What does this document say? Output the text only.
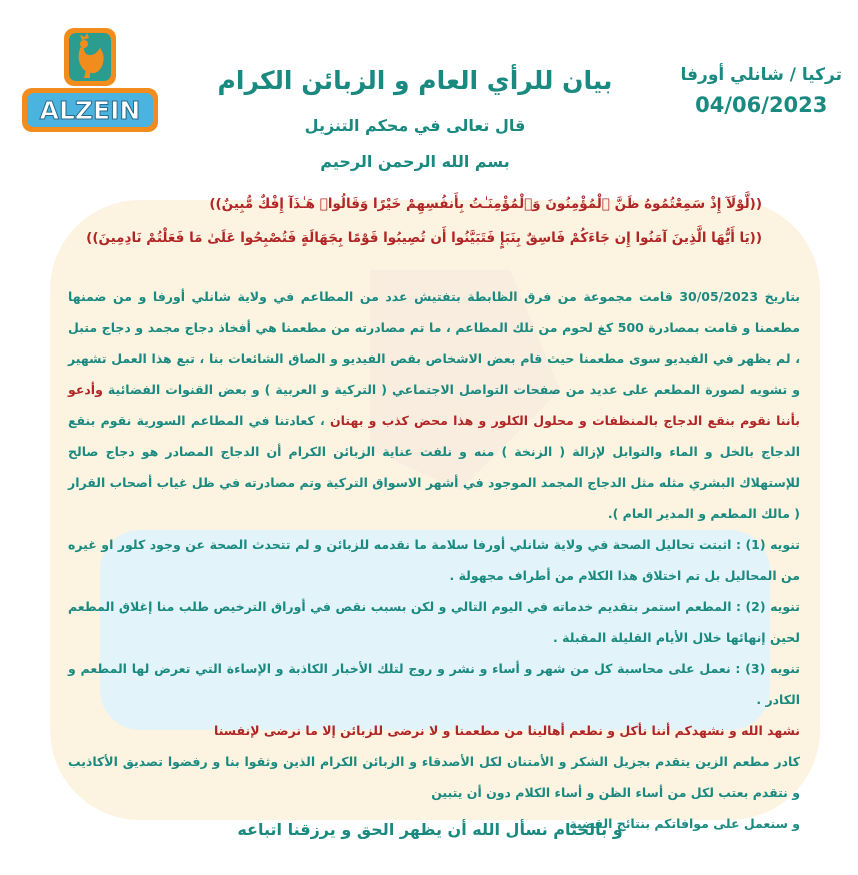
ALZEIN
تركيا / شانلي أورفا
04/06/2023
بيان للرأي العام و الزبائن الكرام
قال تعالى في محكم التنزيل
بسم الله الرحمن الرحيم
((لَّوْلَآ إِذْ سَمِعْتُمُوهُ ظَنَّ ٱلْمُؤْمِنُونَ وَٱلْمُؤْمِنَـٰتُ بِأَنفُسِهِمْ خَيْرًا وَقَالُوا۟ هَـٰذَآ إِفْكٌ مُّبِينٌ))
((يَا أَيُّهَا الَّذِينَ آمَنُوا إِن جَاءَكُمْ فَاسِقٌ بِنَبَإٍ فَتَبَيَّنُوا أَن تُصِيبُوا قَوْمًا بِجَهَالَةٍ فَتُصْبِحُوا عَلَىٰ مَا فَعَلْتُمْ نَادِمِينَ))

بتاريخ 30/05/2023 قامت مجموعة من فرق الظابطة بتفتيش عدد من المطاعم في ولاية شانلي أورفا و من ضمنها مطعمنا و قامت بمصادرة 500 كغ لحوم من تلك المطاعم ، ما تم مصادرته من مطعمنا هي أفخاذ دجاج مجمد و دجاج متبل ، لم يظهر في الفيديو سوى مطعمنا حيث قام بعض الاشخاص بقص الفيديو و الصاق الشائعات بنا ، تبع هذا العمل تشهير و تشويه لصورة المطعم على عديد من صفحات التواصل الاجتماعي ( التركية و العربية ) و بعض القنوات الفضائية وأدعو بأننا نقوم بنقع الدجاج بالمنظفات و محلول الكلور و هذا محض كذب و بهتان ، كعادتنا في المطاعم السورية نقوم بنقع الدجاج بالخل و الماء والتوابل لإزالة ( الزنخة ) منه و نلفت عناية الزبائن الكرام أن الدجاج المصادر هو دجاج صالح للإستهلاك البشري مثله مثل الدجاج المجمد الموجود في أشهر الاسواق التركية وتم مصادرته في ظل غياب أصحاب القرار ( مالك المطعم و المدير العام ).

تنويه (1) : اثبتت تحاليل الصحة في ولاية شانلي أورفا سلامة ما نقدمه للزبائن و لم تتحدث الصحة عن وجود كلور او غيره من المحاليل بل تم اختلاق هذا الكلام من أطراف مجهولة .

تنويه (2) : المطعم استمر بتقديم خدماته في اليوم التالي و لكن بسبب نقص في أوراق الترخيص طلب منا إغلاق المطعم لحين إنهائها خلال الأيام القليلة المقبلة .

تنويه (3) : نعمل على محاسبة كل من شهر و أساء و نشر و روج لتلك الأخبار الكاذبة و الإساءة التي تعرض لها المطعم و الكادر .

نشهد الله و نشهدكم أننا نأكل و نطعم أهالينا من مطعمنا و لا نرضى للزبائن إلا ما نرضى لإنفسنا

كادر مطعم الزين يتقدم بجزيل الشكر و الأمتنان لكل الأصدقاء و الزبائن الكرام الذين وثقوا بنا و رفضوا تصديق الأكاذيب و نتقدم بعتب لكل من أساء الظن و أساء الكلام دون أن يتبين

و سنعمل على موافاتكم بنتائج القضية

و بالختام نسأل الله أن يظهر الحق و يرزقنا اتباعه
